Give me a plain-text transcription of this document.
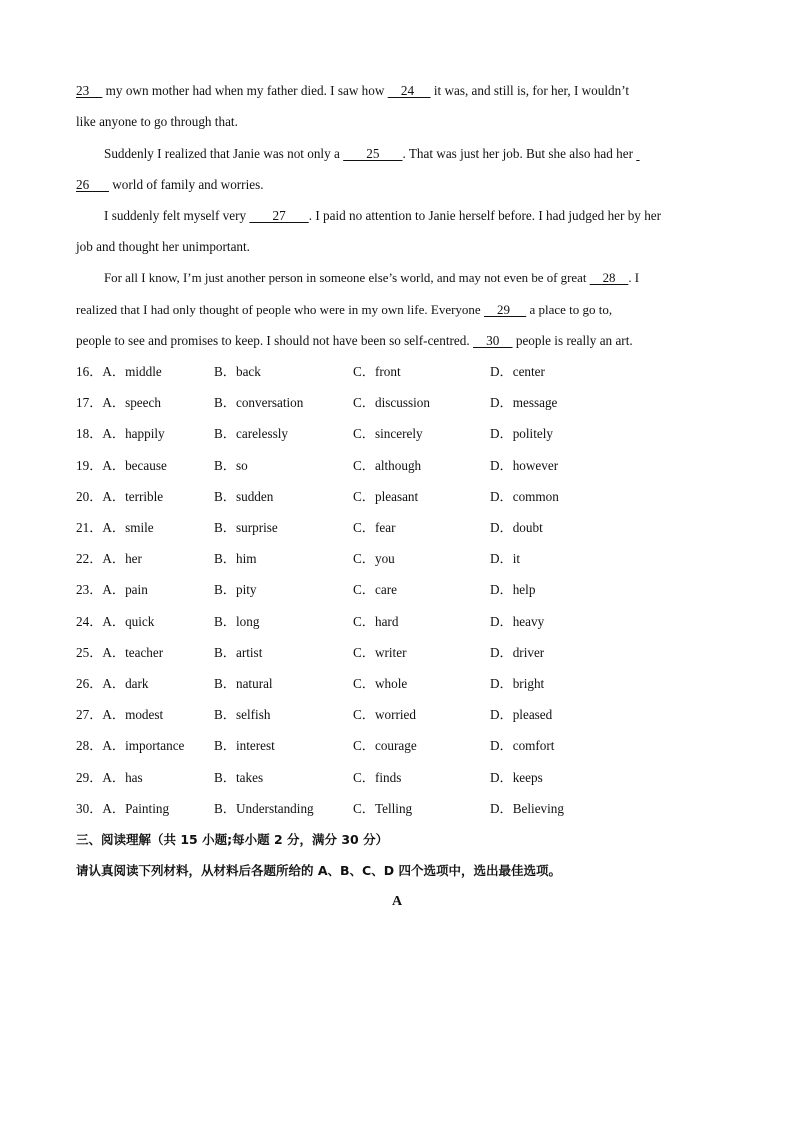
23     my own mother had when my father died. I saw how     24      it was, and still is, for her, I wouldn’t
like anyone to go through that.
Suddenly I realized that Janie was not only a        25       . That was just her job. But she also had her
26       world of family and worries.
I suddenly felt myself very        27       . I paid no attention to Janie herself before. I had judged her by her
job and thought her unimportant.
For all I know, I’m just another person in someone else’s world, and may not even be of great     28    . I
realized that I had only thought of people who were in my own life. Everyone     29      a place to go to,
people to see and promises to keep. I should not have been so self-centred.     30     people is really an art.
16．A．middle	B．back	C．front	D．center
17．A．speech	B．conversation	C．discussion	D．message
18．A．happily	B．carelessly	C．sincerely	D．politely
19．A．because	B．so	C．although	D．however
20．A．terrible	B．sudden	C．pleasant	D．common
21．A．smile	B．surprise	C．fear	D．doubt
22．A．her	B．him	C．you	D．it
23．A．pain	B．pity	C．care	D．help
24．A．quick	B．long	C．hard	D．heavy
25．A．teacher	B．artist	C．writer	D．driver
26．A．dark	B．natural	C．whole	D．bright
27．A．modest	B．selfish	C．worried	D．pleased
28．A．importance B．interest	C．courage	D．comfort
29．A．has	B．takes	C．finds	D．keeps
30．A．Painting	B．Understanding	C．Telling	D．Believing
三、阅读理解（共 15 小题;每小题 2 分，满分 30 分）
请认真阅读下列材料，从材料后各题所给的 A、B、C、D 四个选项中，选出最佳选项。
A
